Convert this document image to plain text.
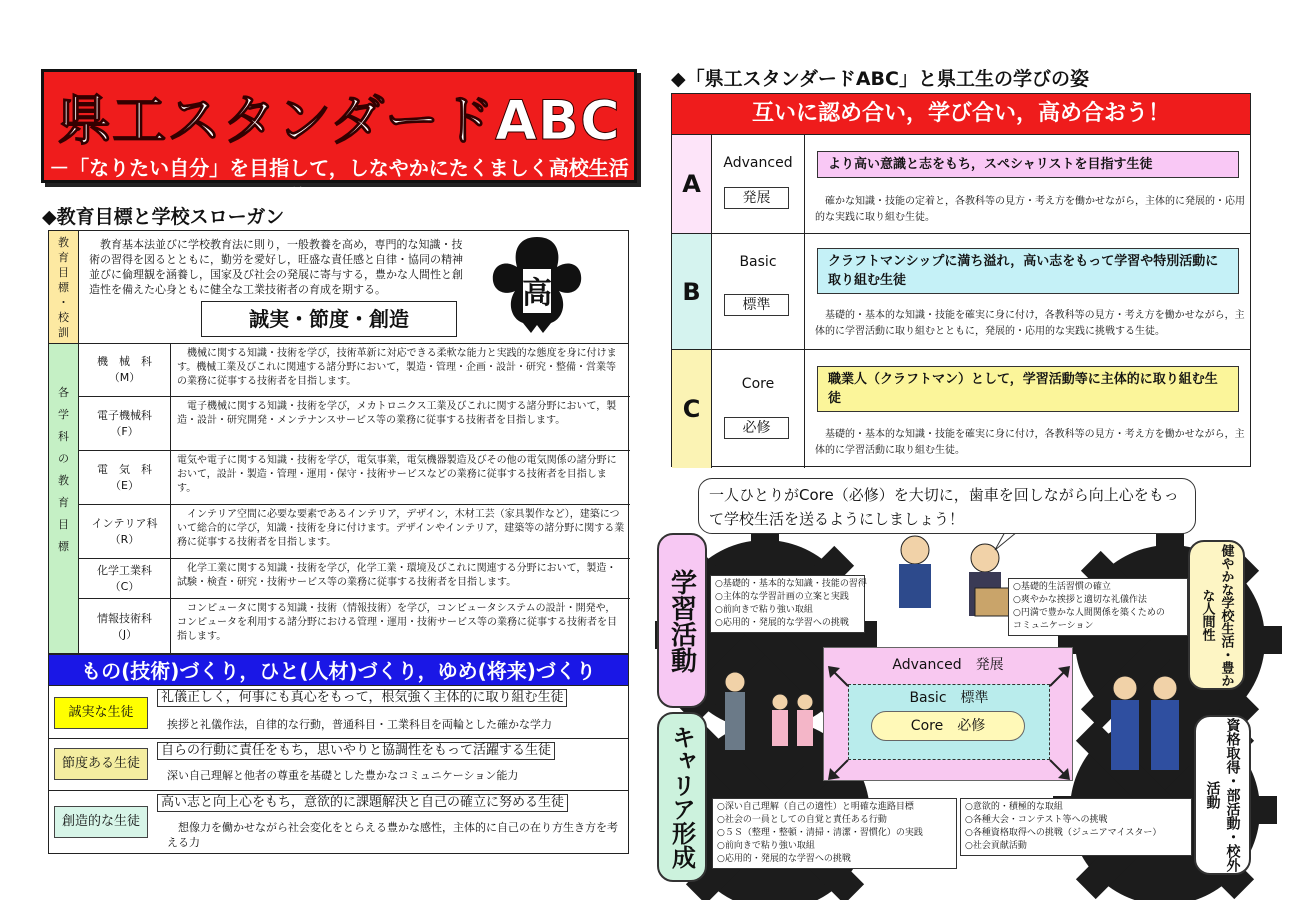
県工スタンダードABC
－「なりたい自分」を目指して，しなやかにたくましく高校生活を送ろう！！ －
◆教育目標と学校スローガン
教
育
目
標
・
校
訓
　教育基本法並びに学校教育法に則り，一般教養を高め，専門的な知識・技術の習得を図るとともに，勤労を愛好し，旺盛な責任感と自律・協同の精神並びに倫理観を涵養し，国家及び社会の発展に寄与する，豊かな人間性と創造性を備えた心身ともに健全な工業技術者の育成を期する。
誠実・節度・創造
高
各
学
科
の
教
育
目
標
機　械　科
（M）
　機械に関する知識・技術を学び，技術革新に対応できる柔軟な能力と実践的な態度を身に付けます。機械工業及びこれに関連する諸分野において，製造・管理・企画・設計・研究・整備・営業等の業務に従事する技術者を目指します。
電子機械科
（F）
　電子機械に関する知識・技術を学び，メカトロニクス工業及びこれに関する諸分野において，製造・設計・研究開発・メンテナンスサービス等の業務に従事する技術者を目指します。
電　気　科
（E）
電気や電子に関する知識・技術を学び，電気事業，電気機器製造及びその他の電気関係の諸分野において，設計・製造・管理・運用・保守・技術サービスなどの業務に従事する技術者を目指します。
インテリア科
（R）
　インテリア空間に必要な要素であるインテリア，デザイン，木材工芸（家具製作など），建築について総合的に学び，知識・技術を身に付けます。デザインやインテリア，建築等の諸分野に関する業務に従事する技術者を目指します。
化学工業科
（C）
　化学工業に関する知識・技術を学び，化学工業・環境及びこれに関連する分野において，製造・試験・検査・研究・技術サービス等の業務に従事する技術者を目指します。
情報技術科
（J）
　コンピュータに関する知識・技術（情報技術）を学び，コンピュータシステムの設計・開発や，コンピュータを利用する諸分野における管理・運用・技術サービス等の業務に従事する技術者を目指します。
もの(技術)づくり，ひと(人材)づくり，ゆめ(将来)づくり
誠実な生徒
礼儀正しく，何事にも真心をもって，根気強く主体的に取り組む生徒
挨拶と礼儀作法，自律的な行動，普通科目・工業科目を両輪とした確かな学力
節度ある生徒
自らの行動に責任をもち，思いやりと協調性をもって活躍する生徒
深い自己理解と他者の尊重を基礎とした豊かなコミュニケーション能力
創造的な生徒
高い志と向上心をもち，意欲的に課題解決と自己の確立に努める生徒
　想像力を働かせながら社会変化をとらえる豊かな感性，主体的に自己の在り方生き方を考える力
◆「県工スタンダードABC」と県工生の学びの姿
互いに認め合い，学び合い，高め合おう！
A
Advanced
発展
より高い意識と志をもち，スペシャリストを目指す生徒
　確かな知識・技能の定着と，各教科等の見方・考え方を働かせながら，主体的に発展的・応用的な実践に取り組む生徒。
B
Basic
標準
クラフトマンシップに満ち溢れ，高い志をもって学習や特別活動に取り組む生徒
　基礎的・基本的な知識・技能を確実に身に付け，各教科等の見方・考え方を働かせながら，主体的に学習活動に取り組むとともに，発展的・応用的な実践に挑戦する生徒。
C
Core
必修
職業人（クラフトマン）として，学習活動等に主体的に取り組む生徒
　基礎的・基本的な知識・技能を確実に身に付け，各教科等の見方・考え方を働かせながら，主体的に学習活動に取り組む生徒。
一人ひとりがCore（必修）を大切に，歯車を回しながら向上心をもって学校生活を送るようにしましょう！
学習活動
キャリア形成
健やかな学校生活・豊かな人間性
資格取得・部活動・校外活動
○基礎的・基本的な知識・技能の習得
○主体的な学習計画の立案と実践
○前向きで粘り強い取組
○応用的・発展的な学習への挑戦
○基礎的生活習慣の確立
○爽やかな挨拶と適切な礼儀作法
○円満で豊かな人間関係を築くための
コミュニケーション
○深い自己理解（自己の適性）と明確な進路目標
○社会の一員としての自覚と責任ある行動
○５Ｓ（整理・整頓・清掃・清潔・習慣化）の実践
○前向きで粘り強い取組
○応用的・発展的な学習への挑戦
○意欲的・積極的な取組
○各種大会・コンテスト等への挑戦
○各種資格取得への挑戦（ジュニアマイスター）
○社会貢献活動
Advanced　発展
Basic　標準
Core　必修
